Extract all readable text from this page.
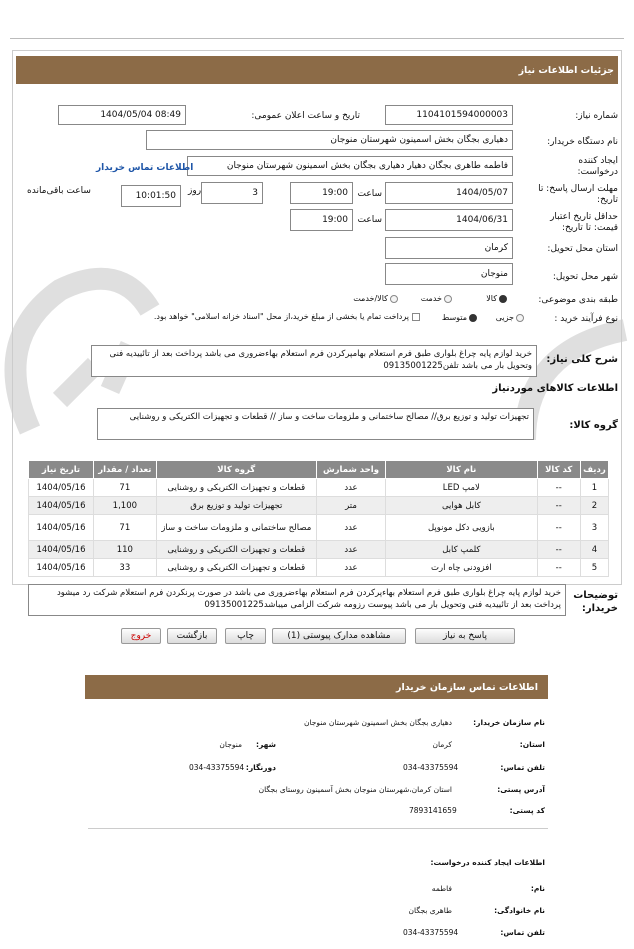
جزئیات اطلاعات نیاز
شماره نیاز:
1104101594000003
تاریخ و ساعت اعلان عمومی:
1404/05/04 08:49
نام دستگاه خریدار:
دهیاری بجگان بخش اسمینون شهرستان منوجان
ایجاد کننده
درخواست:
فاطمه طاهری بجگان دهیار دهیاری بجگان بخش اسمینون شهرستان منوجان
اطلاعات تماس خریدار
مهلت ارسال پاسخ: تا
تاریخ:
1404/05/07
ساعت
19:00
3
روز
10:01:50
ساعت باقی‌مانده
حداقل تاریخ اعتبار
قیمت: تا تاریخ:
1404/06/31
ساعت
19:00
استان محل تحویل:
کرمان
شهر محل تحویل:
منوجان
طبقه بندی موضوعی:
کالا
خدمت
کالا/خدمت
نوع فرآیند خرید :
جزیی
متوسط
پرداخت تمام یا بخشی از مبلغ خرید،از محل "اسناد خزانه اسلامی" خواهد بود.
شرح کلی نیاز:
خرید لوازم پایه چراغ بلواری طبق فرم استعلام بهامپرکردن فرم استعلام بهاءضروری می باشد پرداخت بعد از تائییدیه فنی وتحویل بار می باشد تلفن09135001225
اطلاعات کالاهای موردنیاز
گروه کالا:
تجهیزات تولید و توزیع برق// مصالح ساختمانی و ملزومات ساخت و ساز // قطعات و تجهیزات الکتریکی و روشنایی
ردیف	کد کالا	نام کالا	واحد شمارش	گروه کالا	تعداد / مقدار	تاریخ نیاز
1	--	لامپ LED	عدد	قطعات و تجهیزات الکتریکی و روشنایی	71	1404/05/16
2	--	کابل هوایی	متر	تجهیزات تولید و توزیع برق	1,100	1404/05/16
3	--	بازویی دکل مونوپل	عدد	مصالح ساختمانی و ملزومات ساخت و ساز	71	1404/05/16
4	--	کلمپ کابل	عدد	قطعات و تجهیزات الکتریکی و روشنایی	110	1404/05/16
5	--	افزودنی چاه ارت	عدد	قطعات و تجهیزات الکتریکی و روشنایی	33	1404/05/16
توضیحات
خریدار:
خرید لوازم پایه چراغ بلواری طبق فرم استعلام بهاءپرکردن فرم استعلام بهاءضروری می باشد در صورت پرنکردن فرم استعلام شرکت رد میشود پرداخت بعد از تائییدیه فنی وتحویل بار می باشد پیوست رزومه شرکت الزامی میباشد09135001225
پاسخ به نیاز
مشاهده مدارک پیوستی (1)
چاپ
بازگشت
خروج
اطلاعات تماس سازمان خریدار
نام سازمان خریدار:
دهیاری بجگان بخش اسمینون شهرستان منوجان
استان:
کرمان
شهر:
منوجان
تلفن تماس:
034-43375594
دورنگار:
034-43375594
آدرس پستی:
استان کرمان،شهرستان منوجان بخش آسمینون روستای بجگان
کد پستی:
7893141659
اطلاعات ایجاد کننده درخواست:
نام:
فاطمه
نام خانوادگی:
طاهری بجگان
تلفن تماس:
034-43375594
